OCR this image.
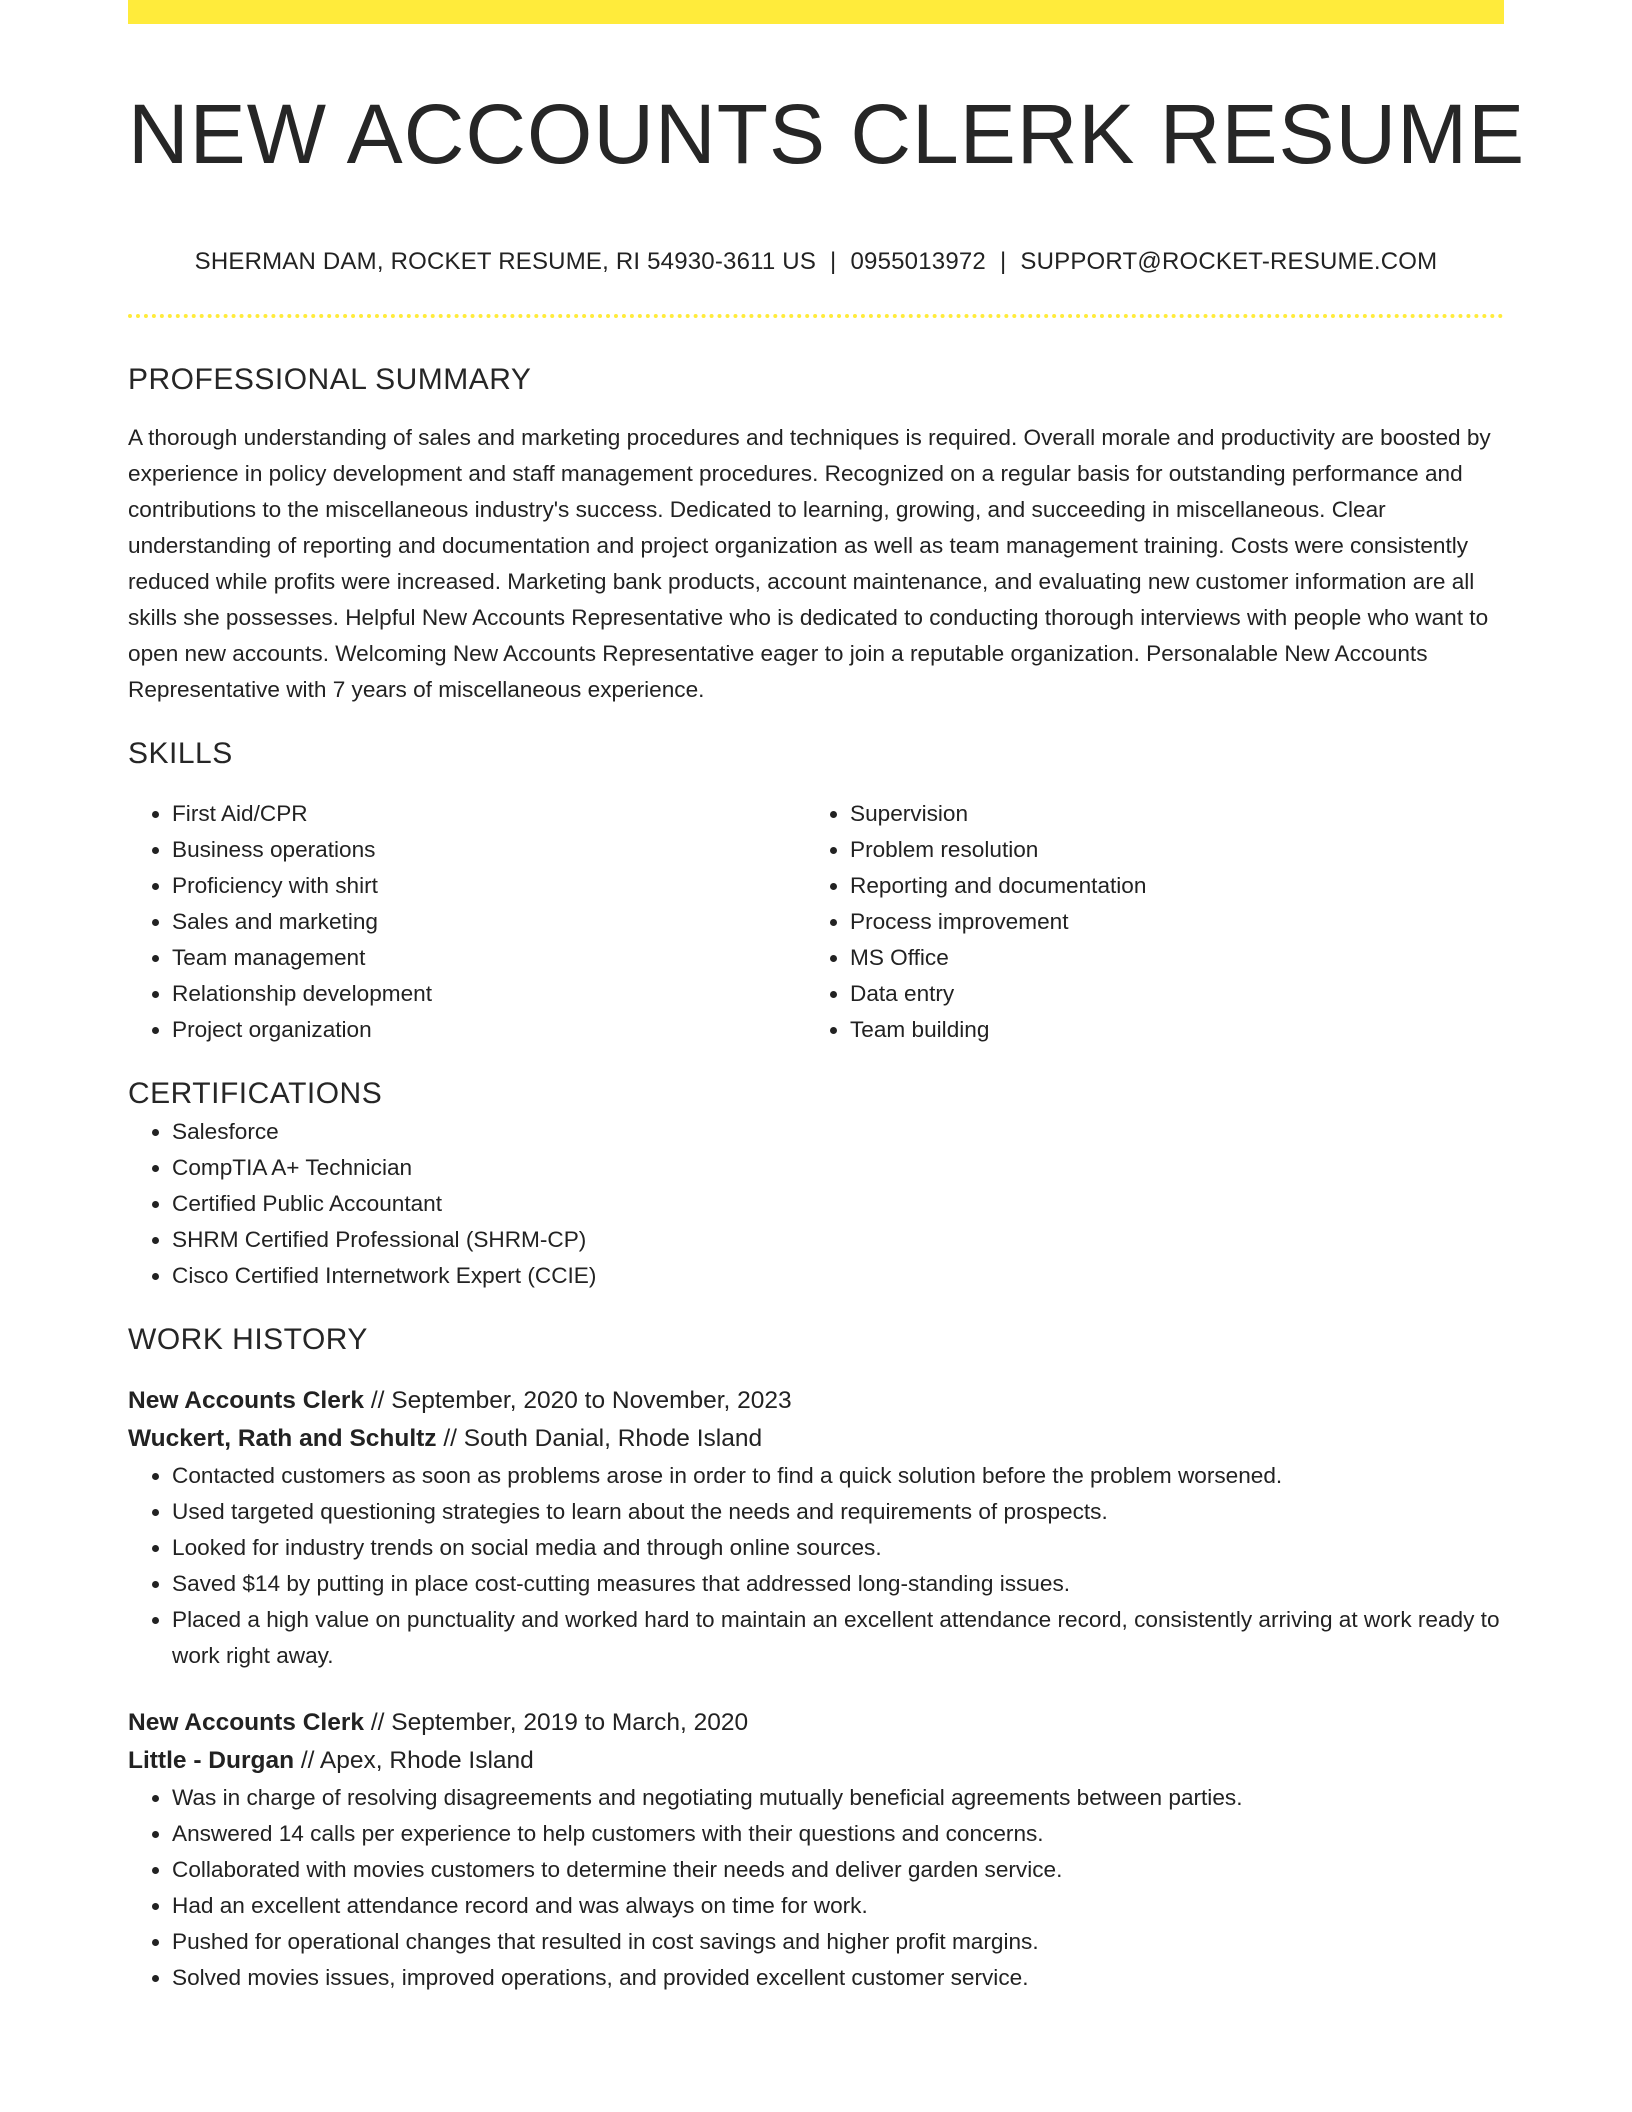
NEW ACCOUNTS CLERK RESUME
SHERMAN DAM, ROCKET RESUME, RI 54930-3611 US | 0955013972 | SUPPORT@ROCKET-RESUME.COM
PROFESSIONAL SUMMARY

A thorough understanding of sales and marketing procedures and techniques is required. Overall morale and productivity are boosted by experience in policy development and staff management procedures. Recognized on a regular basis for outstanding performance and contributions to the miscellaneous industry's success. Dedicated to learning, growing, and succeeding in miscellaneous. Clear understanding of reporting and documentation and project organization as well as team management training. Costs were consistently reduced while profits were increased. Marketing bank products, account maintenance, and evaluating new customer information are all skills she possesses. Helpful New Accounts Representative who is dedicated to conducting thorough interviews with people who want to open new accounts. Welcoming New Accounts Representative eager to join a reputable organization. Personalable New Accounts Representative with 7 years of miscellaneous experience.

SKILLS
• First Aid/CPR
• Business operations
• Proficiency with shirt
• Sales and marketing
• Team management
• Relationship development
• Project organization
• Supervision
• Problem resolution
• Reporting and documentation
• Process improvement
• MS Office
• Data entry
• Team building
CERTIFICATIONS
• Salesforce
• CompTIA A+ Technician
• Certified Public Accountant
• SHRM Certified Professional (SHRM-CP)
• Cisco Certified Internetwork Expert (CCIE)
WORK HISTORY
New Accounts Clerk // September, 2020 to November, 2023
Wuckert, Rath and Schultz // South Danial, Rhode Island
• Contacted customers as soon as problems arose in order to find a quick solution before the problem worsened.
• Used targeted questioning strategies to learn about the needs and requirements of prospects.
• Looked for industry trends on social media and through online sources.
• Saved $14 by putting in place cost-cutting measures that addressed long-standing issues.
• Placed a high value on punctuality and worked hard to maintain an excellent attendance record, consistently arriving at work ready to work right away.
New Accounts Clerk // September, 2019 to March, 2020
Little - Durgan // Apex, Rhode Island
• Was in charge of resolving disagreements and negotiating mutually beneficial agreements between parties.
• Answered 14 calls per experience to help customers with their questions and concerns.
• Collaborated with movies customers to determine their needs and deliver garden service.
• Had an excellent attendance record and was always on time for work.
• Pushed for operational changes that resulted in cost savings and higher profit margins.
• Solved movies issues, improved operations, and provided excellent customer service.
